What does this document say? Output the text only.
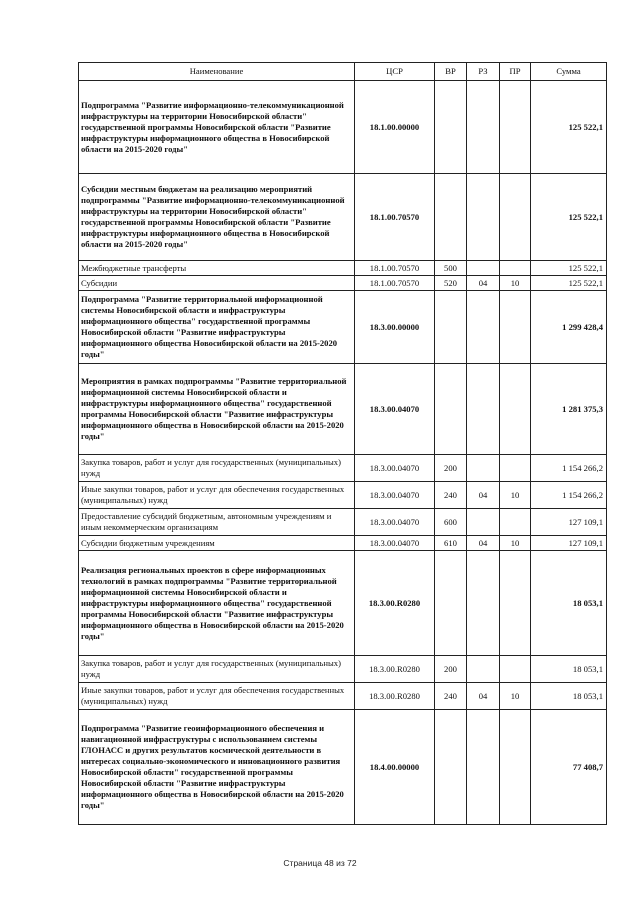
Наименование	ЦСР	ВР	РЗ	ПР	Сумма
Подпрограмма "Развитие информационно-телекоммуникационной инфраструктуры на территории Новосибирской области" государственной программы Новосибирской области "Развитие инфраструктуры информационного общества в Новосибирской области на 2015-2020 годы"	18.1.00.00000				125 522,1
Субсидии местным бюджетам на реализацию мероприятий подпрограммы "Развитие информационно-телекоммуникационной инфраструктуры на территории Новосибирской области" государственной программы Новосибирской области "Развитие инфраструктуры информационного общества в Новосибирской области на 2015-2020 годы"	18.1.00.70570				125 522,1
Межбюджетные трансферты	18.1.00.70570	500			125 522,1
Субсидии	18.1.00.70570	520	04	10	125 522,1
Подпрограмма "Развитие территориальной информационной системы Новосибирской области и инфраструктуры информационного общества" государственной программы Новосибирской области "Развитие инфраструктуры информационного общества Новосибирской области на 2015-2020 годы"	18.3.00.00000				1 299 428,4
Мероприятия в рамках подпрограммы "Развитие территориальной информационной системы Новосибирской области и инфраструктуры информационного общества" государственной программы Новосибирской области "Развитие инфраструктуры информационного общества в Новосибирской области на 2015-2020 годы"	18.3.00.04070				1 281 375,3
Закупка товаров, работ и услуг для государственных (муниципальных) нужд	18.3.00.04070	200			1 154 266,2
Иные закупки товаров, работ и услуг для обеспечения государственных (муниципальных) нужд	18.3.00.04070	240	04	10	1 154 266,2
Предоставление субсидий бюджетным, автономным учреждениям и иным некоммерческим организациям	18.3.00.04070	600			127 109,1
Субсидии бюджетным учреждениям	18.3.00.04070	610	04	10	127 109,1
Реализация региональных проектов в сфере информационных технологий в рамках подпрограммы "Развитие территориальной информационной системы Новосибирской области и инфраструктуры информационного общества" государственной программы Новосибирской области "Развитие инфраструктуры информационного общества в Новосибирской области на 2015-2020 годы"	18.3.00.R0280				18 053,1
Закупка товаров, работ и услуг для государственных (муниципальных) нужд	18.3.00.R0280	200			18 053,1
Иные закупки товаров, работ и услуг для обеспечения государственных (муниципальных) нужд	18.3.00.R0280	240	04	10	18 053,1
Подпрограмма "Развитие геоинформационного обеспечения и навигационной инфраструктуры с использованием системы ГЛОНАСС и других результатов космической деятельности в интересах социально-экономического и инновационного развития Новосибирской области" государственной программы Новосибирской области "Развитие инфраструктуры информационного общества в Новосибирской области на 2015-2020 годы"	18.4.00.00000				77 408,7
Страница 48 из 72
